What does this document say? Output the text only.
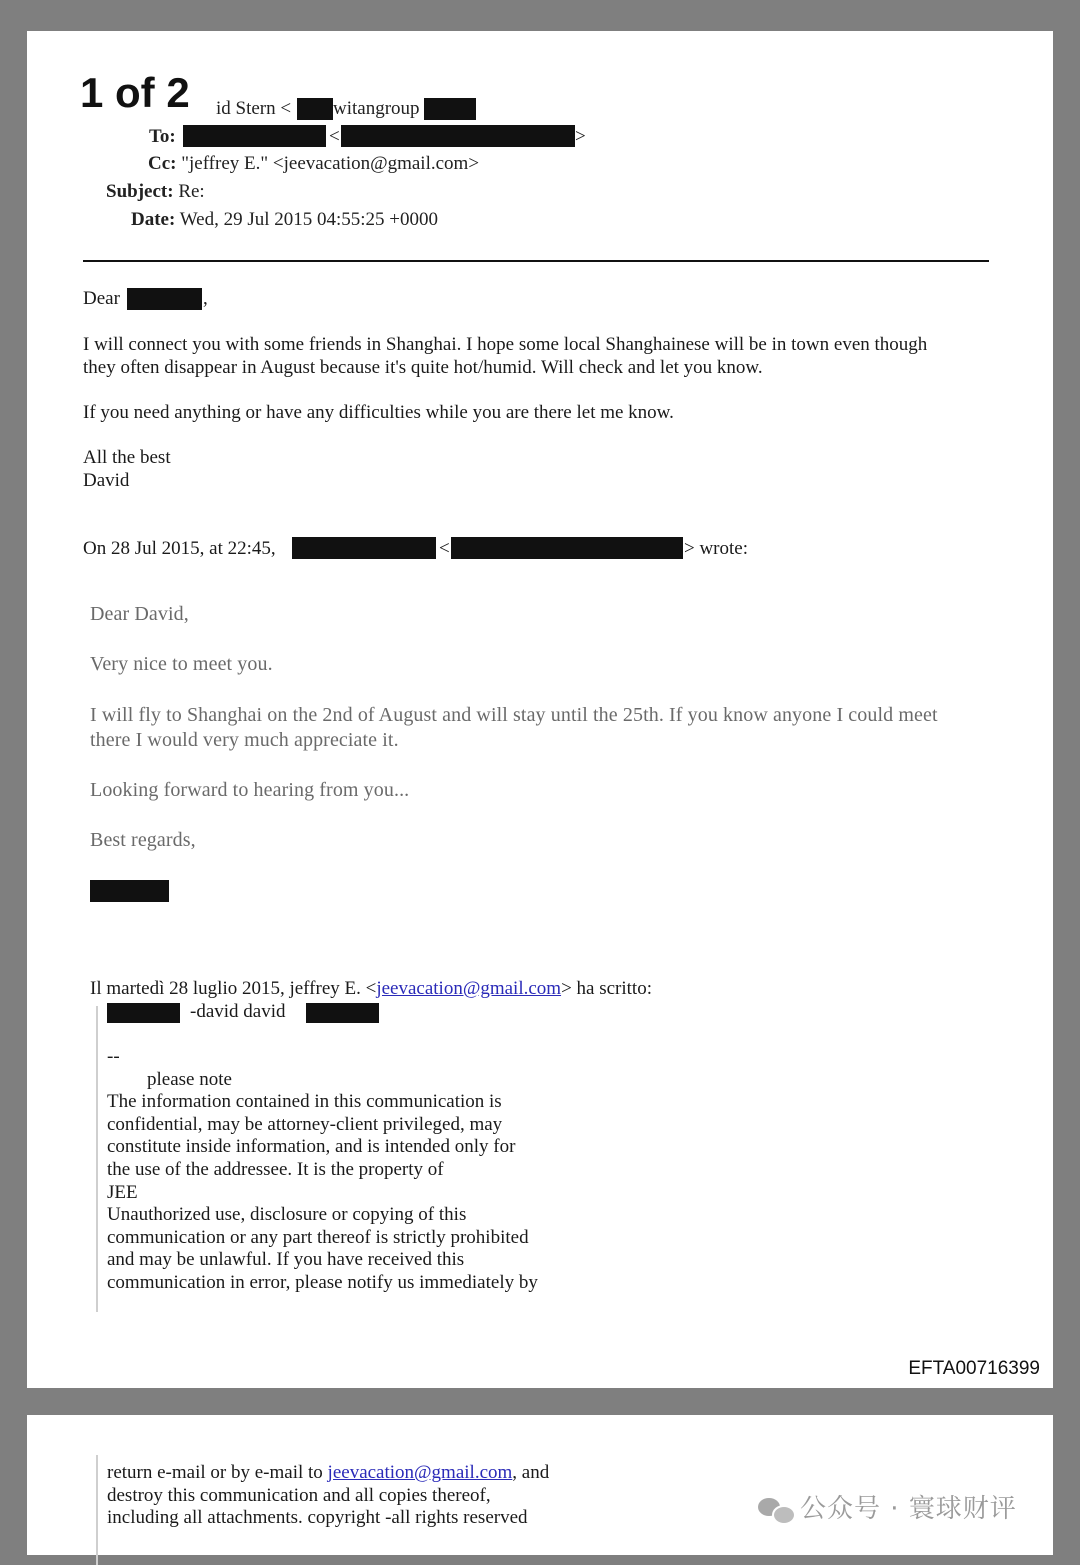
id Stern < witangroup
To:	<	>
Cc: "jeffrey E." <jeevacation@gmail.com>
Subject: Re:
Date: Wed, 29 Jul 2015 04:55:25 +0000
1 of 2
Dear	,
I will connect you with some friends in Shanghai. I hope some local Shanghainese will be in town even though
they often disappear in August because it's quite hot/humid. Will check and let you know.
If you need anything or have any difficulties while you are there let me know.
All the best
David
On 28 Jul 2015, at 22:45,	<	> wrote:
Dear David,
Very nice to meet you.
I will fly to Shanghai on the 2nd of August and will stay until the 25th. If you know anyone I could meet
there I would very much appreciate it.
Looking forward to hearing from you...
Best regards,
Il martedì 28 luglio 2015, jeffrey E. <jeevacation@gmail.com> ha scritto:
-david david
--
please note
The information contained in this communication is
confidential, may be attorney-client privileged, may
constitute inside information, and is intended only for
the use of the addressee. It is the property of
JEE
Unauthorized use, disclosure or copying of this
communication or any part thereof is strictly prohibited
and may be unlawful. If you have received this
communication in error, please notify us immediately by
EFTA00716399
return e-mail or by e-mail to jeevacation@gmail.com, and
destroy this communication and all copies thereof,
including all attachments. copyright -all rights reserved	公众号 · 寰球财评
